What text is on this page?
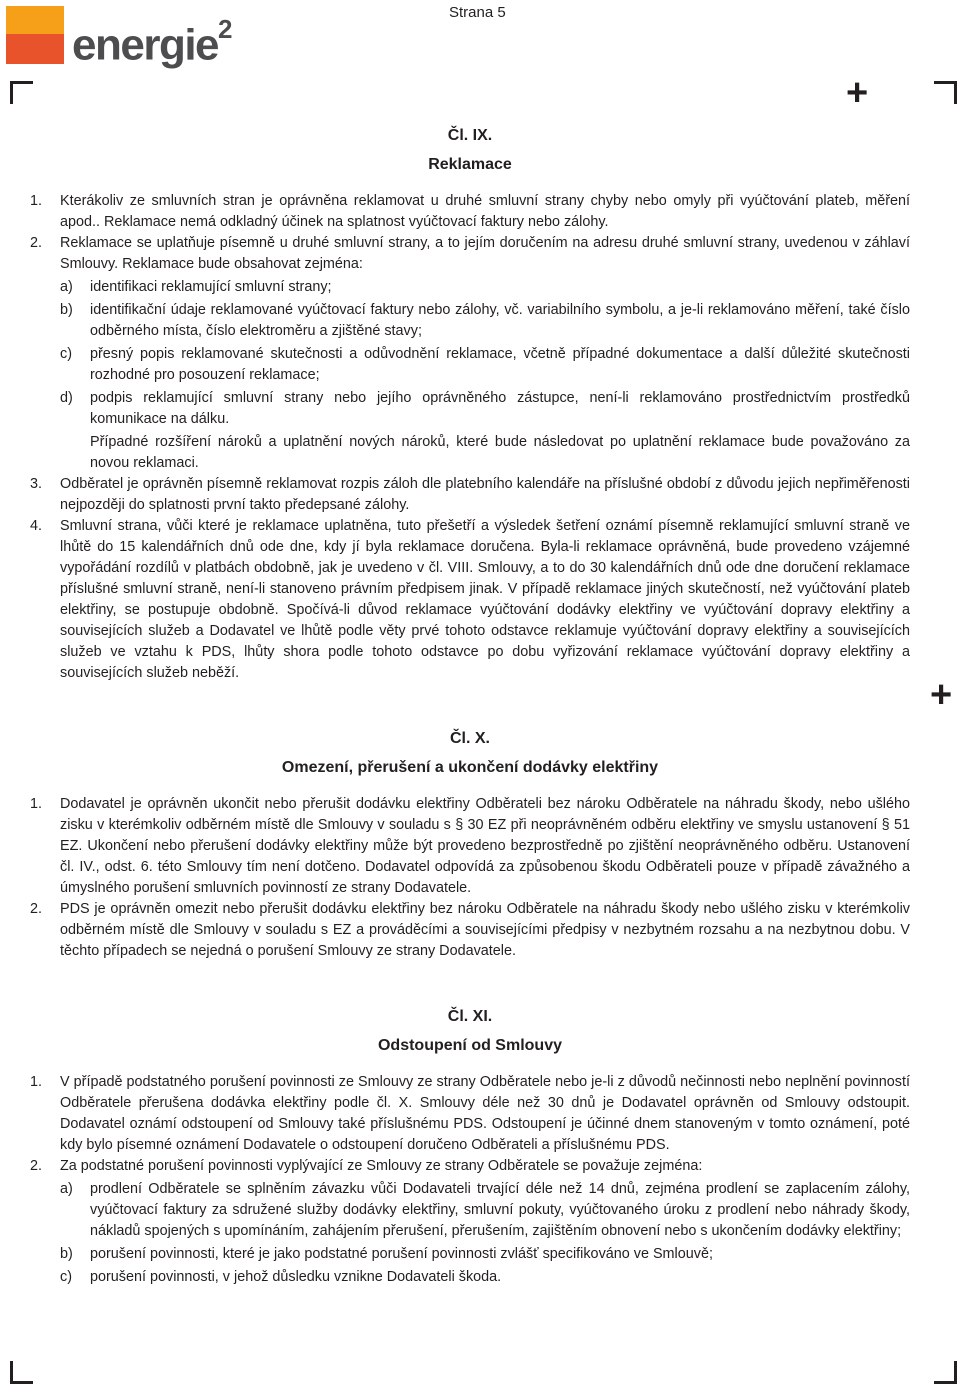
energie$^2$
Strana 5
+
+
Čl. IX.
Reklamace
1.	Kterákoliv ze smluvních stran je oprávněna reklamovat u druhé smluvní strany chyby nebo omyly při vyúčtování plateb, měření apod.. Reklamace nemá odkladný účinek na splatnost vyúčtovací faktury nebo zálohy.
2.	Reklamace se uplatňuje písemně u druhé smluvní strany, a to jejím doručením na adresu druhé smluvní strany, uvedenou v záhlaví Smlouvy. Reklamace bude obsahovat zejména:
a) identifikaci reklamující smluvní strany;
b) identifikační údaje reklamované vyúčtovací faktury nebo zálohy, vč. variabilního symbolu, a je-li reklamováno měření, také číslo odběrného místa, číslo elektroměru a zjištěné stavy;
c) přesný popis reklamované skutečnosti a odůvodnění reklamace, včetně případné dokumentace a další důležité skutečnosti rozhodné pro posouzení reklamace;
d) podpis reklamující smluvní strany nebo jejího oprávněného zástupce, není-li reklamováno prostřednictvím prostředků komunikace na dálku.
Případné rozšíření nároků a uplatnění nových nároků, které bude následovat po uplatnění reklamace bude považováno za novou reklamaci.
3.	Odběratel je oprávněn písemně reklamovat rozpis záloh dle platebního kalendáře na příslušné období z důvodu jejich nepřiměřenosti nejpozději do splatnosti první takto předepsané zálohy.
4.	Smluvní strana, vůči které je reklamace uplatněna, tuto přešetří a výsledek šetření oznámí písemně reklamující smluvní straně ve lhůtě do 15 kalendářních dnů ode dne, kdy jí byla reklamace doručena. Byla-li reklamace oprávněná, bude provedeno vzájemné vypořádání rozdílů v platbách obdobně, jak je uvedeno v čl. VIII. Smlouvy, a to do 30 kalendářních dnů ode dne doručení reklamace příslušné smluvní straně, není-li stanoveno právním předpisem jinak. V případě reklamace jiných skutečností, než vyúčtování plateb elektřiny, se postupuje obdobně. Spočívá-li důvod reklamace vyúčtování dodávky elektřiny ve vyúčtování dopravy elektřiny a souvisejících služeb a Dodavatel ve lhůtě podle věty prvé tohoto odstavce reklamuje vyúčtování dopravy elektřiny a souvisejících služeb ve vztahu k PDS, lhůty shora podle tohoto odstavce po dobu vyřizování reklamace vyúčtování dopravy elektřiny a souvisejících služeb neběží.
Čl. X.
Omezení, přerušení a ukončení dodávky elektřiny
1.	Dodavatel je oprávněn ukončit nebo přerušit dodávku elektřiny Odběrateli bez nároku Odběratele na náhradu škody, nebo ušlého zisku v kterémkoliv odběrném místě dle Smlouvy v souladu s § 30 EZ při neoprávněném odběru elektřiny ve smyslu ustanovení § 51 EZ. Ukončení nebo přerušení dodávky elektřiny může být provedeno bezprostředně po zjištění neoprávněného odběru. Ustanovení čl. IV., odst. 6. této Smlouvy tím není dotčeno. Dodavatel odpovídá za způsobenou škodu Odběrateli pouze v případě závažného a úmyslného porušení smluvních povinností ze strany Dodavatele.
2.	PDS je oprávněn omezit nebo přerušit dodávku elektřiny bez nároku Odběratele na náhradu škody nebo ušlého zisku v kterémkoliv odběrném místě dle Smlouvy v souladu s EZ a prováděcími a souvisejícími předpisy v nezbytném rozsahu a na nezbytnou dobu. V těchto případech se nejedná o porušení Smlouvy ze strany Dodavatele.
Čl. XI.
Odstoupení od Smlouvy
1.	V případě podstatného porušení povinnosti ze Smlouvy ze strany Odběratele nebo je-li z důvodů nečinnosti nebo neplnění povinností Odběratele přerušena dodávka elektřiny podle čl. X. Smlouvy déle než 30 dnů je Dodavatel oprávněn od Smlouvy odstoupit. Dodavatel oznámí odstoupení od Smlouvy také příslušnému PDS. Odstoupení je účinné dnem stanoveným v tomto oznámení, poté kdy bylo písemné oznámení Dodavatele o odstoupení doručeno Odběrateli a příslušnému PDS.
2.	Za podstatné porušení povinnosti vyplývající ze Smlouvy ze strany Odběratele se považuje zejména:
a) prodlení Odběratele se splněním závazku vůči Dodavateli trvající déle než 14 dnů, zejména prodlení se zaplacením zálohy, vyúčtovací faktury za sdružené služby dodávky elektřiny, smluvní pokuty, vyúčtovaného úroku z prodlení nebo náhrady škody, nákladů spojených s upomínáním, zahájením přerušení, přerušením, zajištěním obnovení nebo s ukončením dodávky elektřiny;
b) porušení povinnosti, které je jako podstatné porušení povinnosti zvlášť specifikováno ve Smlouvě;
c) porušení povinnosti, v jehož důsledku vznikne Dodavateli škoda.
